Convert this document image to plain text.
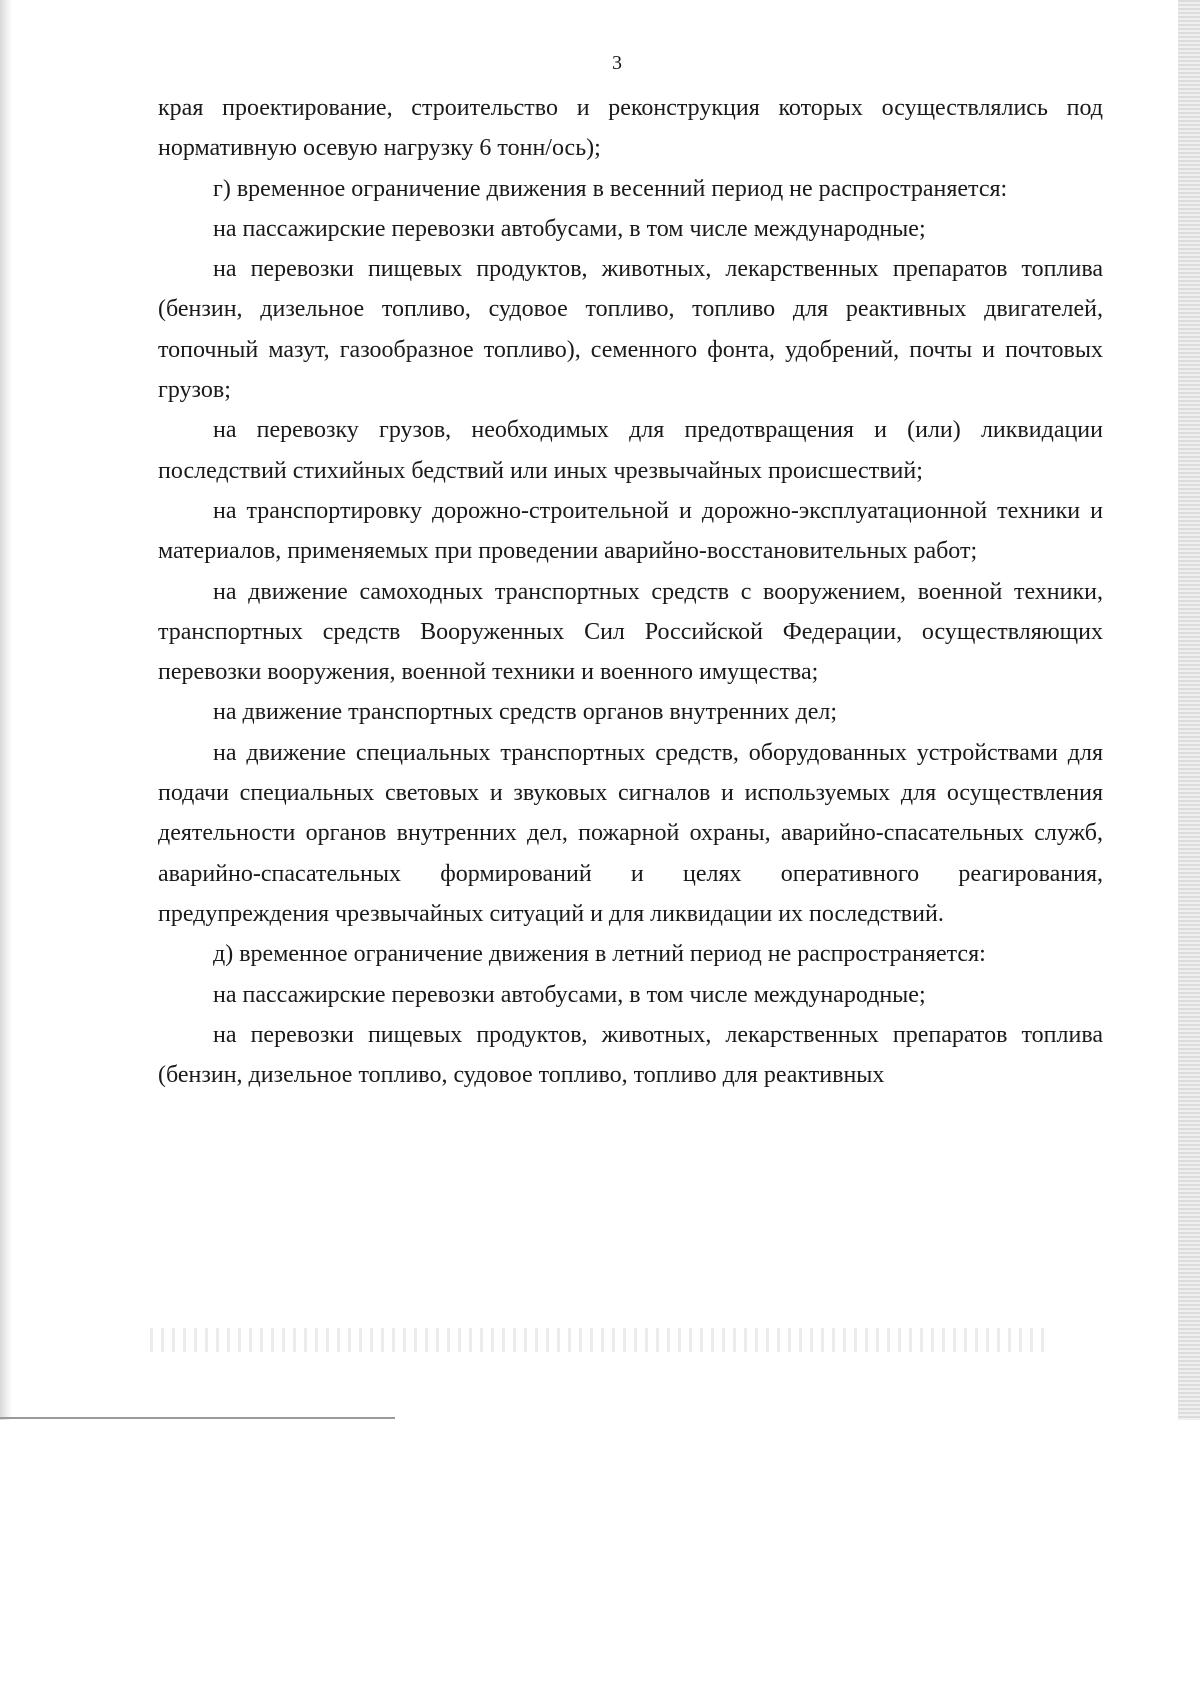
3

края проектирование, строительство и реконструкция которых осуществлялись под нормативную осевую нагрузку 6 тонн/ось);

г) временное ограничение движения в весенний период не распространяется:

на пассажирские перевозки автобусами, в том числе международные;

на перевозки пищевых продуктов, животных, лекарственных препаратов топлива (бензин, дизельное топливо, судовое топливо, топливо для реактивных двигателей, топочный мазут, газообразное топливо), семенного фонта, удобрений, почты и почтовых грузов;

на перевозку грузов, необходимых для предотвращения и (или) ликвидации последствий стихийных бедствий или иных чрезвычайных происшествий;

на транспортировку дорожно-строительной и дорожно-эксплуатационной техники и материалов, применяемых при проведении аварийно-восстановительных работ;

на движение самоходных транспортных средств с вооружением, военной техники, транспортных средств Вооруженных Сил Российской Федерации, осуществляющих перевозки вооружения, военной техники и военного имущества;

на движение транспортных средств органов внутренних дел;

на движение специальных транспортных средств, оборудованных устройствами для подачи специальных световых и звуковых сигналов и используемых для осуществления деятельности органов внутренних дел, пожарной охраны, аварийно-спасательных служб, аварийно-спасательных формирований и целях оперативного реагирования, предупреждения чрезвычайных ситуаций и для ликвидации их последствий.

д) временное ограничение движения в летний период не распространяется:

на пассажирские перевозки автобусами, в том числе международные;

на перевозки пищевых продуктов, животных, лекарственных препаратов топлива (бензин, дизельное топливо, судовое топливо, топливо для реактивных
